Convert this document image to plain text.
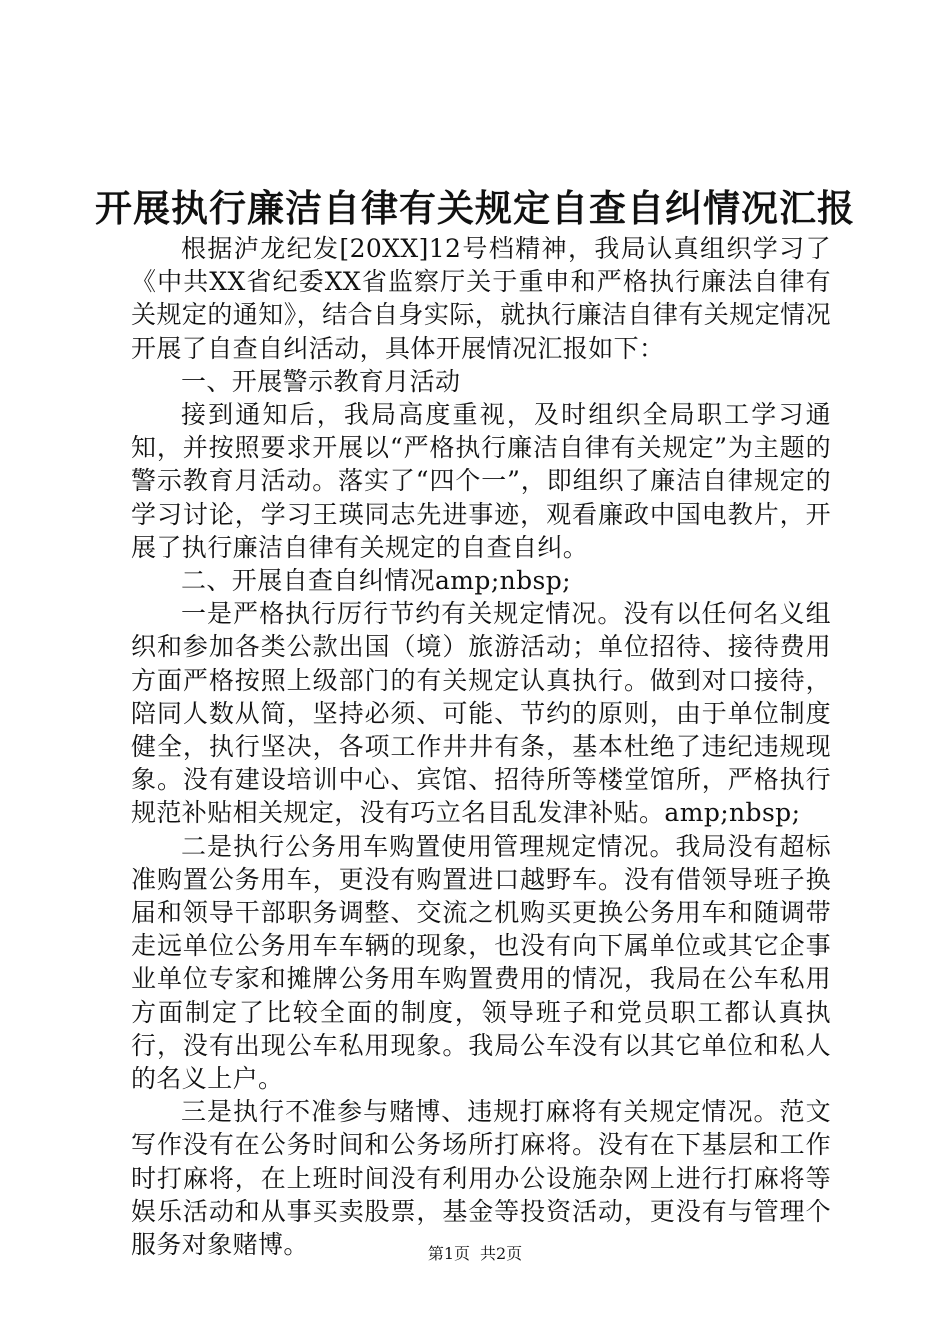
开展执行廉洁自律有关规定自查自纠情况汇报

根据泸龙纪发[20XX]12号档精神，我局认真组织学习了《中共XX省纪委XX省监察厅关于重申和严格执行廉法自律有关规定的通知》，结合自身实际，就执行廉洁自律有关规定情况开展了自查自纠活动，具体开展情况汇报如下：

一、开展警示教育月活动

接到通知后，我局高度重视，及时组织全局职工学习通知，并按照要求开展以“严格执行廉洁自律有关规定”为主题的警示教育月活动。落实了“四个一”，即组织了廉洁自律规定的学习讨论，学习王瑛同志先进事迹，观看廉政中国电教片，开展了执行廉洁自律有关规定的自查自纠。

二、开展自查自纠情况amp;nbsp;

一是严格执行厉行节约有关规定情况。没有以任何名义组织和参加各类公款出国（境）旅游活动；单位招待、接待费用方面严格按照上级部门的有关规定认真执行。做到对口接待，陪同人数从简，坚持必须、可能、节约的原则，由于单位制度健全，执行坚决，各项工作井井有条，基本杜绝了违纪违规现象。没有建设培训中心、宾馆、招待所等楼堂馆所，严格执行规范补贴相关规定，没有巧立名目乱发津补贴。amp;nbsp;

二是执行公务用车购置使用管理规定情况。我局没有超标准购置公务用车，更没有购置进口越野车。没有借领导班子换届和领导干部职务调整、交流之机购买更换公务用车和随调带走远单位公务用车车辆的现象，也没有向下属单位或其它企事业单位专家和摊牌公务用车购置费用的情况，我局在公车私用方面制定了比较全面的制度，领导班子和党员职工都认真执行，没有出现公车私用现象。我局公车没有以其它单位和私人的名义上户。

三是执行不准参与赌博、违规打麻将有关规定情况。范文写作没有在公务时间和公务场所打麻将。没有在下基层和工作时打麻将，在上班时间没有利用办公设施杂网上进行打麻将等娱乐活动和从事买卖股票，基金等投资活动，更没有与管理个服务对象赌博。	第1页 共2页
